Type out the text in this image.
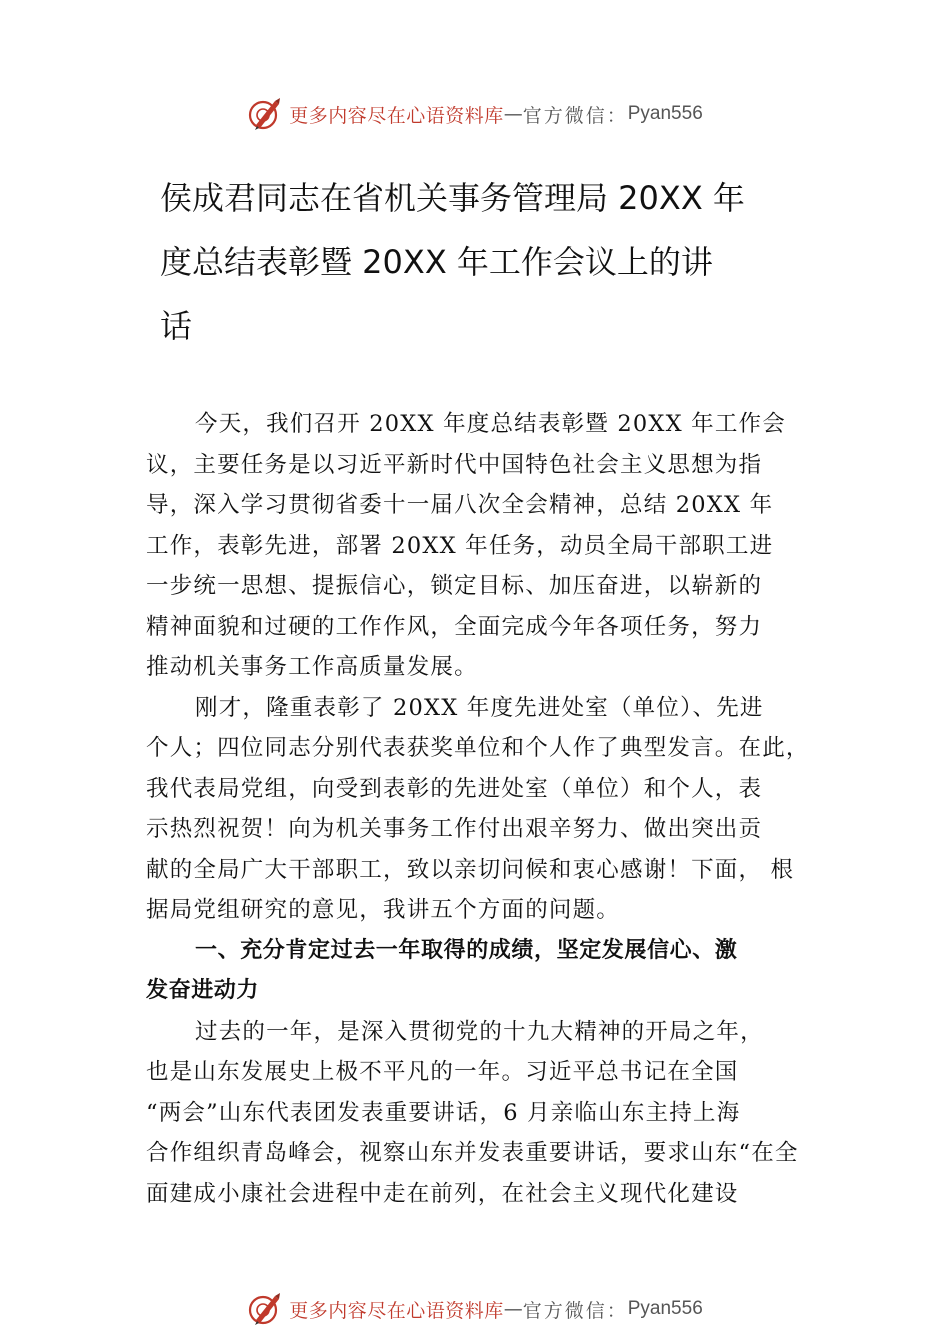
更多内容尽在心语资料库 — 官方微信： Pyan556
侯成君同志在省机关事务管理局 20XX 年
度总结表彰暨 20XX 年工作会议上的讲
话
今天，我们召开 20XX 年度总结表彰暨 20XX 年工作会
议，主要任务是以习近平新时代中国特色社会主义思想为指
导，深入学习贯彻省委十一届八次全会精神，总结 20XX 年
工作，表彰先进，部署 20XX 年任务，动员全局干部职工进
一步统一思想、提振信心，锁定目标、加压奋进，以崭新的
精神面貌和过硬的工作作风，全面完成今年各项任务，努力
推动机关事务工作高质量发展。
刚才，隆重表彰了 20XX 年度先进处室（单位）、先进
个人；四位同志分别代表获奖单位和个人作了典型发言。在此，
我代表局党组，向受到表彰的先进处室（单位）和个人，表
示热烈祝贺！向为机关事务工作付出艰辛努力、做出突出贡
献的全局广大干部职工，致以亲切问候和衷心感谢！下面， 根
据局党组研究的意见，我讲五个方面的问题。
一、充分肯定过去一年取得的成绩，坚定发展信心、激
发奋进动力
过去的一年，是深入贯彻党的十九大精神的开局之年，
也是山东发展史上极不平凡的一年。习近平总书记在全国
“两会”山东代表团发表重要讲话，6 月亲临山东主持上海
合作组织青岛峰会，视察山东并发表重要讲话，要求山东“在全
面建成小康社会进程中走在前列，在社会主义现代化建设
更多内容尽在心语资料库 — 官方微信： Pyan556
